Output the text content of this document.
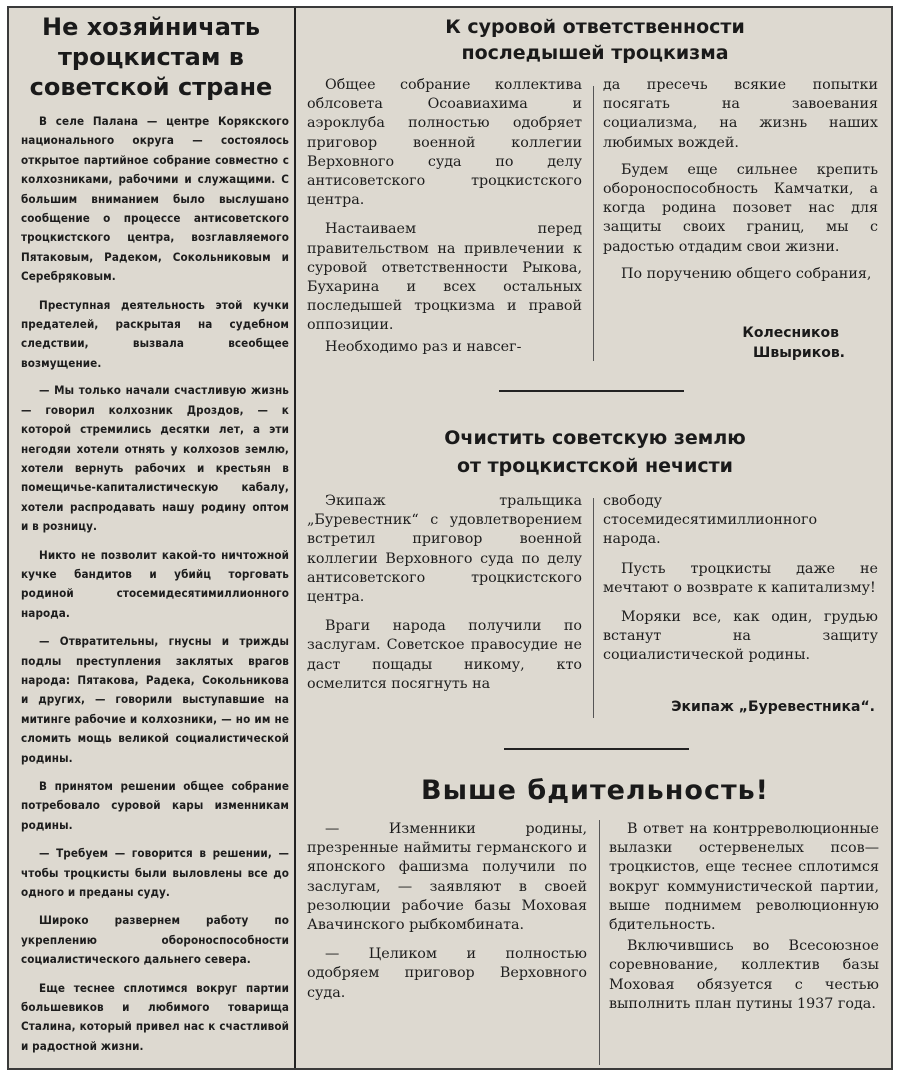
Не хозяйничать троцкистам в советской стране

В селе Палана — центре Корякского национального округа — состоялось открытое партийное собрание совместно с колхозниками, рабочими и служащими. С большим вниманием было выслушано сообщение о процессе антисоветского троцкистского центра, возглавляемого Пятаковым, Радеком, Сокольниковым и Серебряковым.

Преступная деятельность этой кучки предателей, раскрытая на судебном следствии, вызвала всеобщее возмущение.

— Мы только начали счастливую жизнь — говорил колхозник Дроздов, — к которой стремились десятки лет, а эти негодяи хотели отнять у колхозов землю, хотели вернуть рабочих и крестьян в помещичье-капиталистическую кабалу, хотели распродавать нашу родину оптом и в розницу.

Никто не позволит какой-то ничтожной кучке бандитов и убийц торговать родиной стосемидесятимиллионного народа.

— Отвратительны, гнусны и трижды подлы преступления заклятых врагов народа: Пятакова, Радека, Сокольникова и других, — говорили выступавшие на митинге рабочие и колхозники, — но им не сломить мощь великой социалистической родины.

В принятом решении общее собрание потребовало суровой кары изменникам родины.

— Требуем — говорится в решении, — чтобы троцкисты были выловлены все до одного и преданы суду.

Широко развернем работу по укреплению обороноспособности социалистического дальнего севера.

Еще теснее сплотимся вокруг партии большевиков и любимого товарища Сталина, который привел нас к счастливой и радостной жизни.

К суровой ответственности
последышей троцкизма

Общее собрание коллектива облсовета Осоавиахима и аэроклуба полностью одобряет приговор военной коллегии Верховного суда по делу антисоветского троцкистского центра.

Настаиваем перед правительством на привлечении к суровой ответственности Рыкова, Бухарина и всех остальных последышей троцкизма и правой оппозиции.

Необходимо раз и навсег-

да пресечь всякие попытки посягать на завоевания социализма, на жизнь наших любимых вождей.

Будем еще сильнее крепить обороноспособность Камчатки, а когда родина позовет нас для защиты своих границ, мы с радостью отдадим свои жизни.

По поручению общего собрания,

Колесников

Швыриков.

Очистить советскую землю
от троцкистской нечисти

Экипаж тральщика „Буревестник“ с удовлетворением встретил приговор военной коллегии Верховного суда по делу антисоветского троцкистского центра.

Враги народа получили по заслугам. Советское правосудие не даст пощады никому, кто осмелится посягнуть на

свободу стосемидесятимиллионного народа.

Пусть троцкисты даже не мечтают о возврате к капитализму!

Моряки все, как один, грудью встанут на защиту социалистической родины.

Экипаж „Буревестника“.

Выше бдительность!

— Изменники родины, презренные наймиты германского и японского фашизма получили по заслугам, — заявляют в своей резолюции рабочие базы Моховая Авачинского рыбкомбината.

— Целиком и полностью одобряем приговор Верховного суда.

В ответ на контрреволюционные вылазки остервенелых псов—троцкистов, еще теснее сплотимся вокруг коммунистической партии, выше поднимем революционную бдительность.

Включившись во Всесоюзное соревнование, коллектив базы Моховая обязуется с честью выполнить план путины 1937 года.
